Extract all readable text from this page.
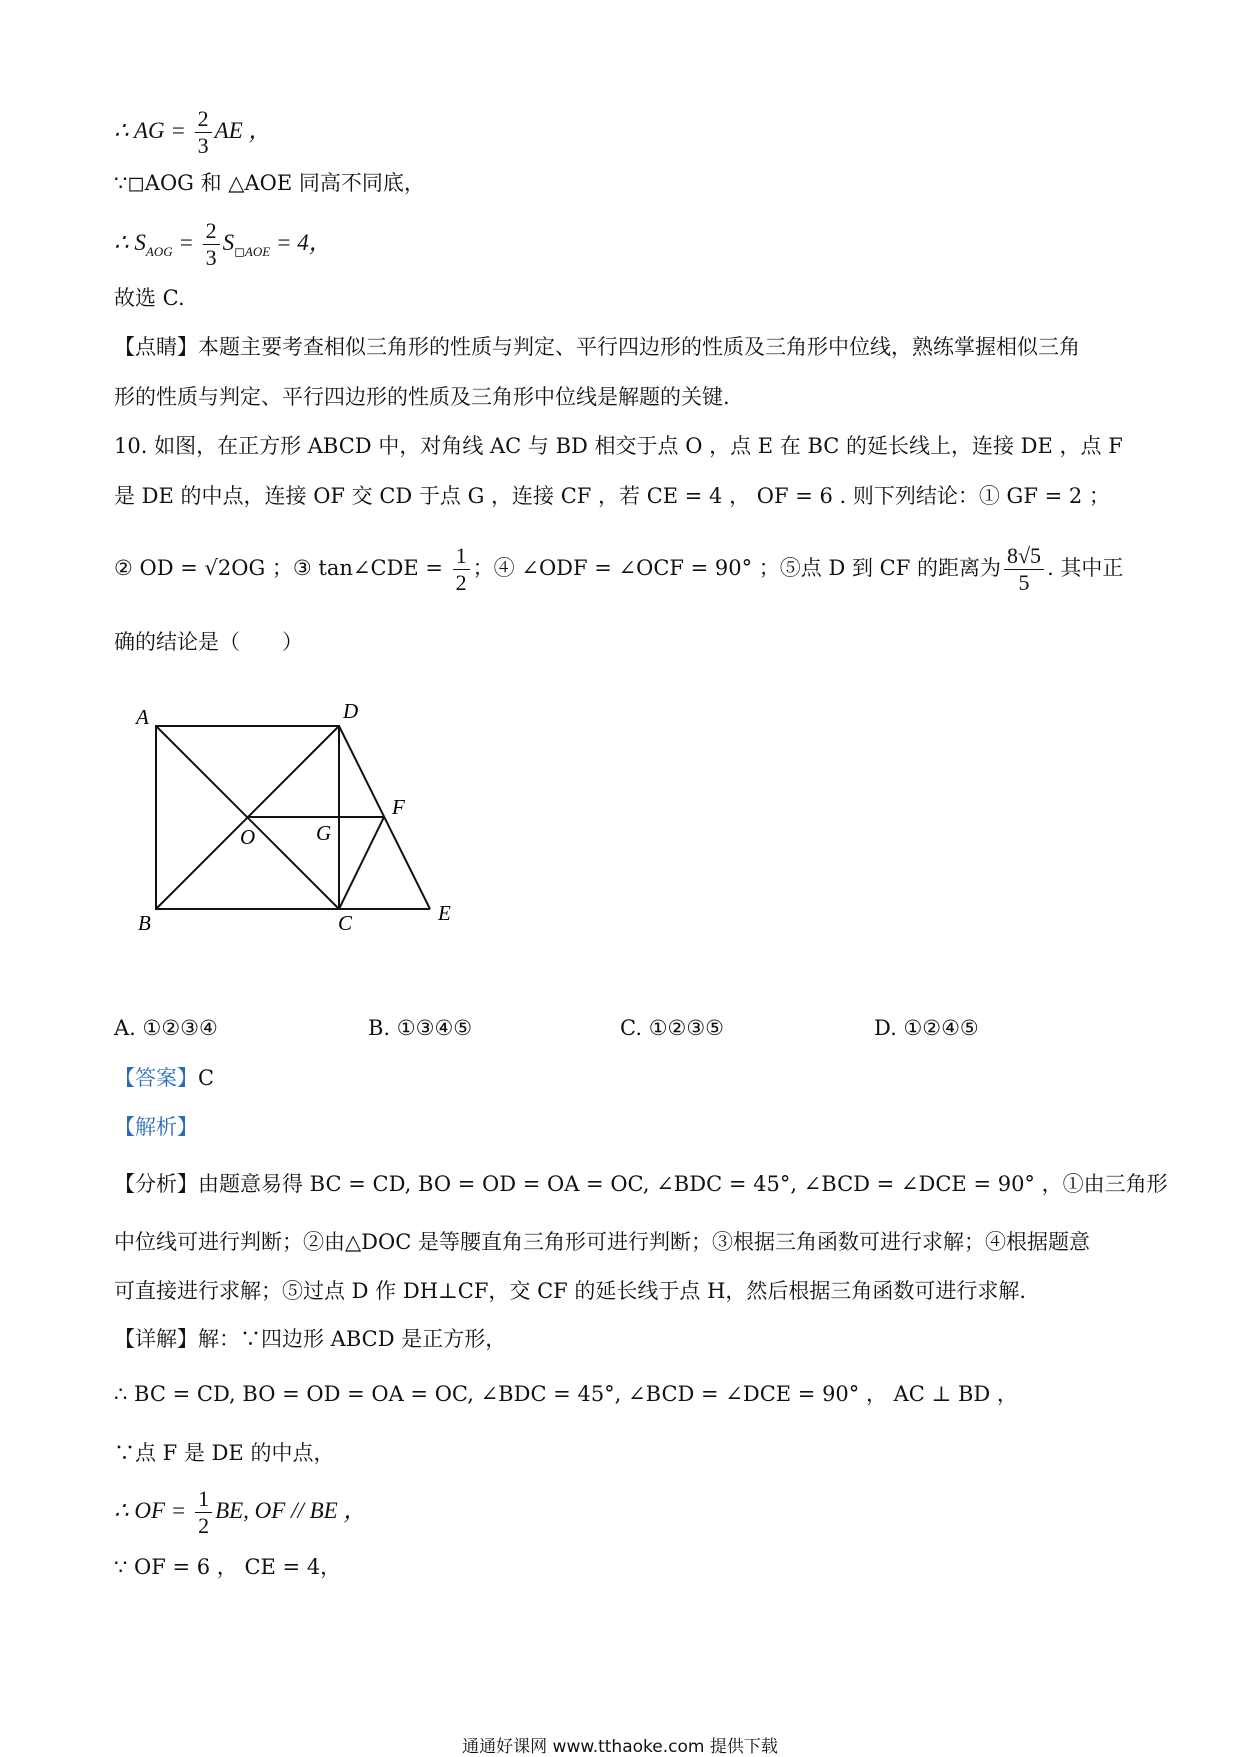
∴ AG = $\frac{2}{3}$ AE ，
∵◻AOG 和 △AOE 同高不同底，
∴ $S_{AOG} = \frac{2}{3} S_{◻AOE} = 4$，
故选 C.
【点睛】本题主要考查相似三角形的性质与判定、平行四边形的性质及三角形中位线，熟练掌握相似三角
形的性质与判定、平行四边形的性质及三角形中位线是解题的关键.
10. 如图，在正方形 ABCD 中，对角线 AC 与 BD 相交于点 O ，点 E 在 BC 的延长线上，连接 DE ，点 F
是 DE 的中点，连接 OF 交 CD 于点 G ，连接 CF ，若 CE = 4 ， OF = 6 . 则下列结论：① GF = 2 ；
② OD = √2OG ；③ tan∠CDE = $\frac{1}{2}$ ；④ ∠ODF = ∠OCF = 90° ；⑤点 D 到 CF 的距离为 $\frac{8√5}{5}$ . 其中正
确的结论是（　　）
A	D
F
G
O
B	C	E
A. ①②③④	B. ①③④⑤	C. ①②③⑤	D. ①②④⑤
【答案】C
【解析】
【分析】由题意易得 BC = CD, BO = OD = OA = OC, ∠BDC = 45°, ∠BCD = ∠DCE = 90° ，①由三角形
中位线可进行判断；②由△DOC 是等腰直角三角形可进行判断；③根据三角函数可进行求解；④根据题意
可直接进行求解；⑤过点 D 作 DH⊥CF，交 CF 的延长线于点 H，然后根据三角函数可进行求解.
【详解】解：∵四边形 ABCD 是正方形，
∴ BC = CD, BO = OD = OA = OC, ∠BDC = 45°, ∠BCD = ∠DCE = 90° ， AC ⊥ BD ，
∵点 F 是 DE 的中点，
∴ OF = $\frac{1}{2}$ BE, OF // BE ，
∵ OF = 6 ， CE = 4，
通通好课网 www.tthaoke.com 提供下载
